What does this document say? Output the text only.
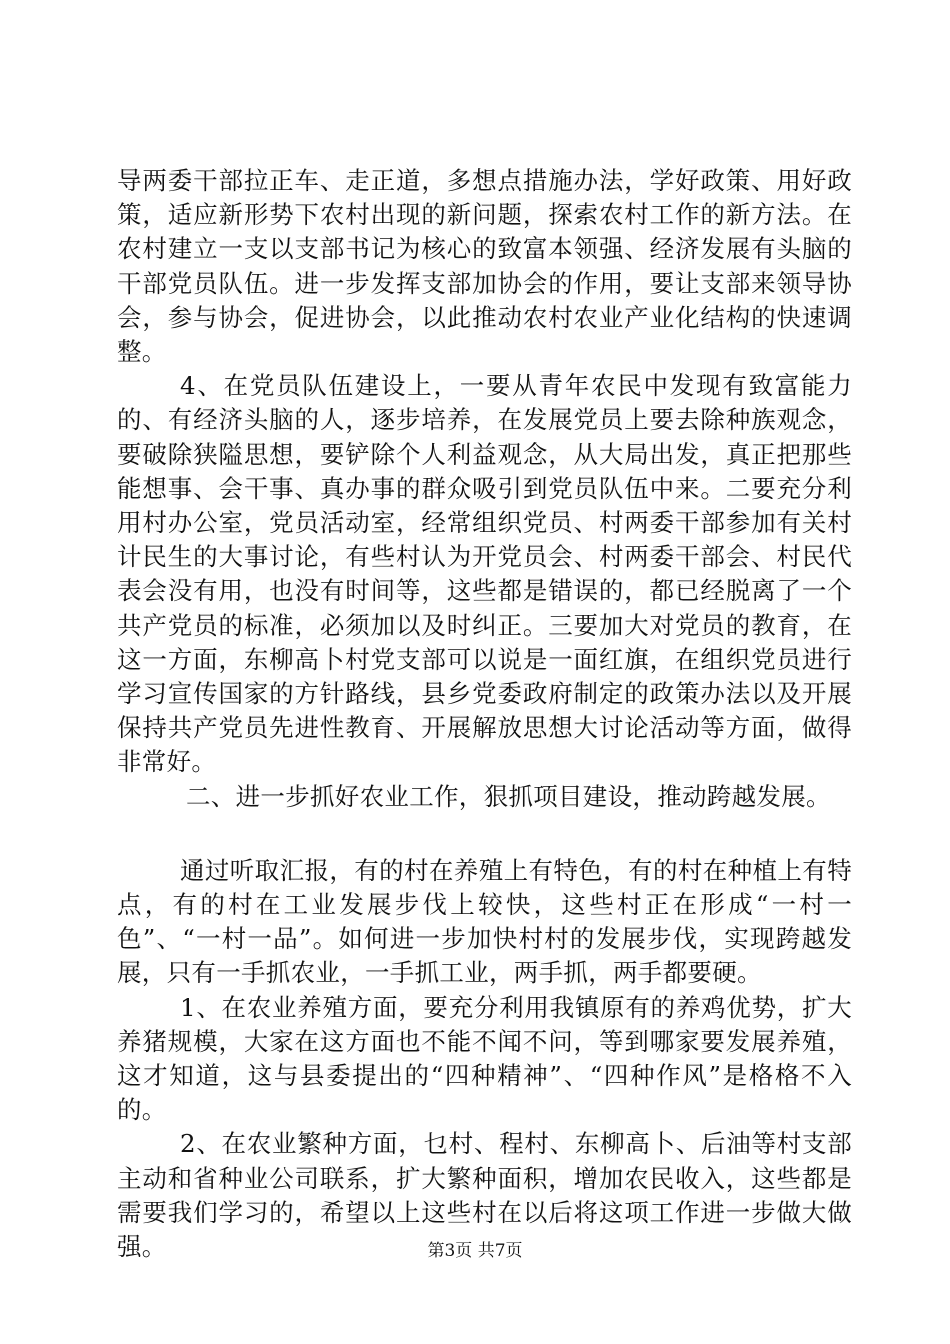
导两委干部拉正车、走正道，多想点措施办法，学好政策、用好政策，适应新形势下农村出现的新问题，探索农村工作的新方法。在农村建立一支以支部书记为核心的致富本领强、经济发展有头脑的干部党员队伍。进一步发挥支部加协会的作用，要让支部来领导协会，参与协会，促进协会，以此推动农村农业产业化结构的快速调整。

4、在党员队伍建设上，一要从青年农民中发现有致富能力的、有经济头脑的人，逐步培养，在发展党员上要去除种族观念，要破除狭隘思想，要铲除个人利益观念，从大局出发，真正把那些能想事、会干事、真办事的群众吸引到党员队伍中来。二要充分利用村办公室，党员活动室，经常组织党员、村两委干部参加有关村计民生的大事讨论，有些村认为开党员会、村两委干部会、村民代表会没有用，也没有时间等，这些都是错误的，都已经脱离了一个共产党员的标准，必须加以及时纠正。三要加大对党员的教育，在这一方面，东柳高卜村党支部可以说是一面红旗，在组织党员进行学习宣传国家的方针路线，县乡党委政府制定的政策办法以及开展保持共产党员先进性教育、开展解放思想大讨论活动等方面，做得非常好。

二、进一步抓好农业工作，狠抓项目建设，推动跨越发展。

通过听取汇报，有的村在养殖上有特色，有的村在种植上有特点，有的村在工业发展步伐上较快，这些村正在形成“一村一色”、“一村一品”。如何进一步加快村村的发展步伐，实现跨越发展，只有一手抓农业，一手抓工业，两手抓，两手都要硬。

1、在农业养殖方面，要充分利用我镇原有的养鸡优势，扩大养猪规模，大家在这方面也不能不闻不问，等到哪家要发展养殖，这才知道，这与县委提出的“四种精神”、“四种作风”是格格不入的。

2、在农业繁种方面，乜村、程村、东柳高卜、后油等村支部主动和省种业公司联系，扩大繁种面积，增加农民收入，这些都是需要我们学习的，希望以上这些村在以后将这项工作进一步做大做强。	第3页 共7页
